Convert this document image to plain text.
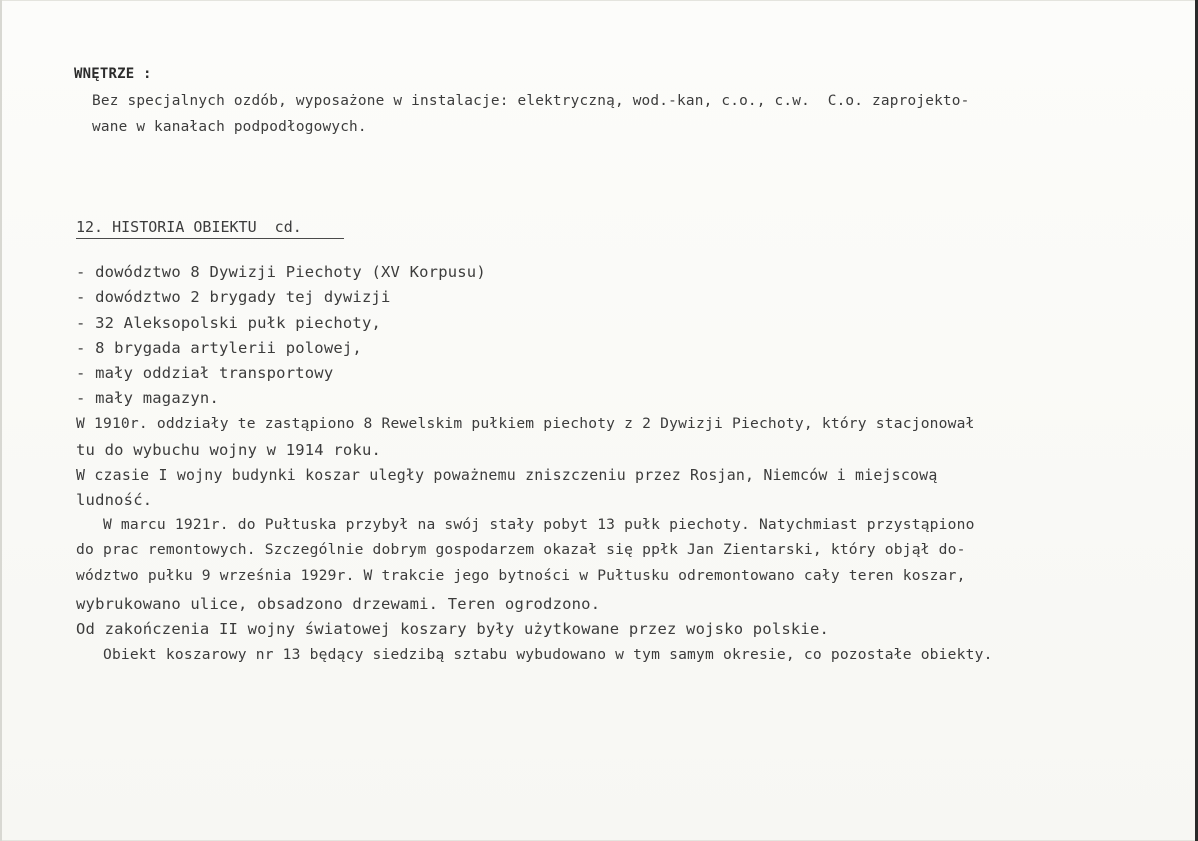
WNĘTRZE :
Bez specjalnych ozdób, wyposażone w instalacje: elektryczną, wod.-kan, c.o., c.w.  C.o. zaprojekto-
wane w kanałach podpodłogowych.
12. HISTORIA OBIEKTU  cd.
- dowództwo 8 Dywizji Piechoty (XV Korpusu)
- dowództwo 2 brygady tej dywizji
- 32 Aleksopolski pułk piechoty,
- 8 brygada artylerii polowej,
- mały oddział transportowy
- mały magazyn.
W 1910r. oddziały te zastąpiono 8 Rewelskim pułkiem piechoty z 2 Dywizji Piechoty, który stacjonował
tu do wybuchu wojny w 1914 roku.
W czasie I wojny budynki koszar uległy poważnemu zniszczeniu przez Rosjan, Niemców i miejscową
ludność.
W marcu 1921r. do Pułtuska przybył na swój stały pobyt 13 pułk piechoty. Natychmiast przystąpiono
do prac remontowych. Szczególnie dobrym gospodarzem okazał się ppłk Jan Zientarski, który objął do-
wództwo pułku 9 września 1929r. W trakcie jego bytności w Pułtusku odremontowano cały teren koszar,
wybrukowano ulice, obsadzono drzewami. Teren ogrodzono.
Od zakończenia II wojny światowej koszary były użytkowane przez wojsko polskie.
Obiekt koszarowy nr 13 będący siedzibą sztabu wybudowano w tym samym okresie, co pozostałe obiekty.
